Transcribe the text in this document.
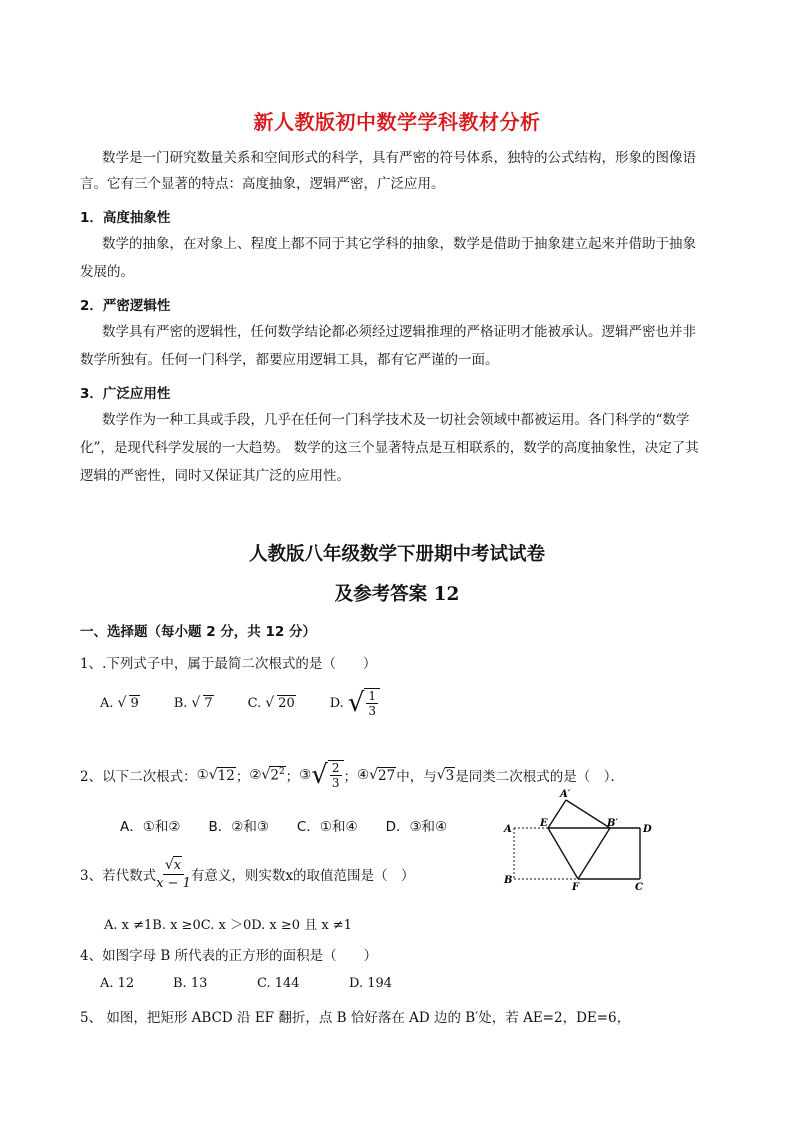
新人教版初中数学学科教材分析
数学是一门研究数量关系和空间形式的科学，具有严密的符号体系，独特的公式结构，形象的图像语
言。它有三个显著的特点：高度抽象，逻辑严密，广泛应用。
1．高度抽象性
数学的抽象，在对象上、程度上都不同于其它学科的抽象，数学是借助于抽象建立起来并借助于抽象
发展的。
2．严密逻辑性
数学具有严密的逻辑性，任何数学结论都必须经过逻辑推理的严格证明才能被承认。逻辑严密也并非
数学所独有。任何一门科学，都要应用逻辑工具，都有它严谨的一面。
3．广泛应用性
数学作为一种工具或手段，几乎在任何一门科学技术及一切社会领域中都被运用。各门科学的“数学
化”，是现代科学发展的一大趋势。 数学的这三个显著特点是互相联系的，数学的高度抽象性，决定了其
逻辑的严密性，同时又保证其广泛的应用性。
人教版八年级数学下册期中考试试卷
及参考答案 12
一、选择题（每小题 2 分，共 12 分）
1、.下列式子中，属于最简二次根式的是（　　）
A. √ 9	B. √ 7	C. √ 20	D. √ $\frac{1}{3}$
2、以下二次根式： ① √ 12 ； ② √ $2^2$ ； ③ √ $\frac{2}{3}$ ； ④ √ 27 中，与 √ 3 是同类二次根式的是（　）．
A．①和② B．②和③ C．①和④ D．③和④
3、若代数式 $\frac{√x}{x - 1}$ 有意义，则实数x的取值范围是（　）
A. x ≠1B. x ≥0C. x ＞0D. x ≥0 且 x ≠1
4、如图字母 B 所代表的正方形的面积是（　　）
A. 12	B. 13	C. 144	D. 194
5、 如图，把矩形 ABCD 沿 EF 翻折，点 B 恰好落在 AD 边的 B′处，若 AE=2，DE=6，
A′
A
E	B′
D
B
F	C
